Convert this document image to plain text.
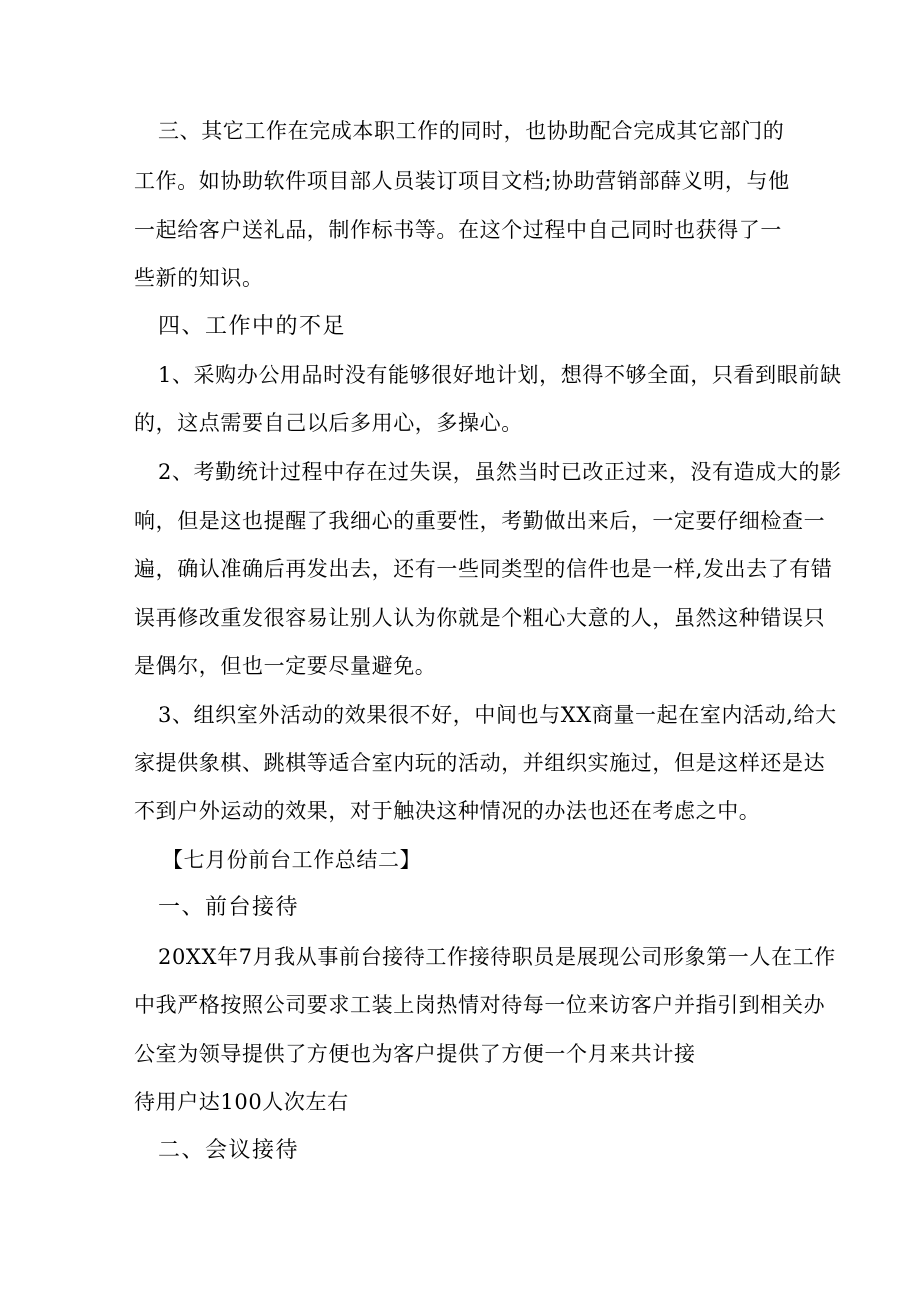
三、其它工作在完成本职工作的同时，也协助配合完成其它部门的
工作。如协助软件项目部人员装订项目文档;协助营销部薛义明，与他
一起给客户送礼品，制作标书等。在这个过程中自己同时也获得了一
些新的知识。
四、工作中的不足
1、采购办公用品时没有能够很好地计划，想得不够全面，只看到眼前缺
的，这点需要自己以后多用心，多操心。
2、考勤统计过程中存在过失误，虽然当时已改正过来，没有造成大的影
响，但是这也提醒了我细心的重要性，考勤做出来后，一定要仔细检查一
遍，确认准确后再发出去，还有一些同类型的信件也是一样,发出去了有错
误再修改重发很容易让别人认为你就是个粗心大意的人，虽然这种错误只
是偶尔，但也一定要尽量避免。
3、组织室外活动的效果很不好，中间也与XX商量一起在室内活动,给大
家提供象棋、跳棋等适合室内玩的活动，并组织实施过，但是这样还是达
不到户外运动的效果，对于触决这种情况的办法也还在考虑之中。
【七月份前台工作总结二】
一、前台接待
20XX年7月我从事前台接待工作接待职员是展现公司形象第一人在工作
中我严格按照公司要求工装上岗热情对待每一位来访客户并指引到相关办
公室为领导提供了方便也为客户提供了方便一个月来共计接
待用户达100人次左右
二、会议接待
